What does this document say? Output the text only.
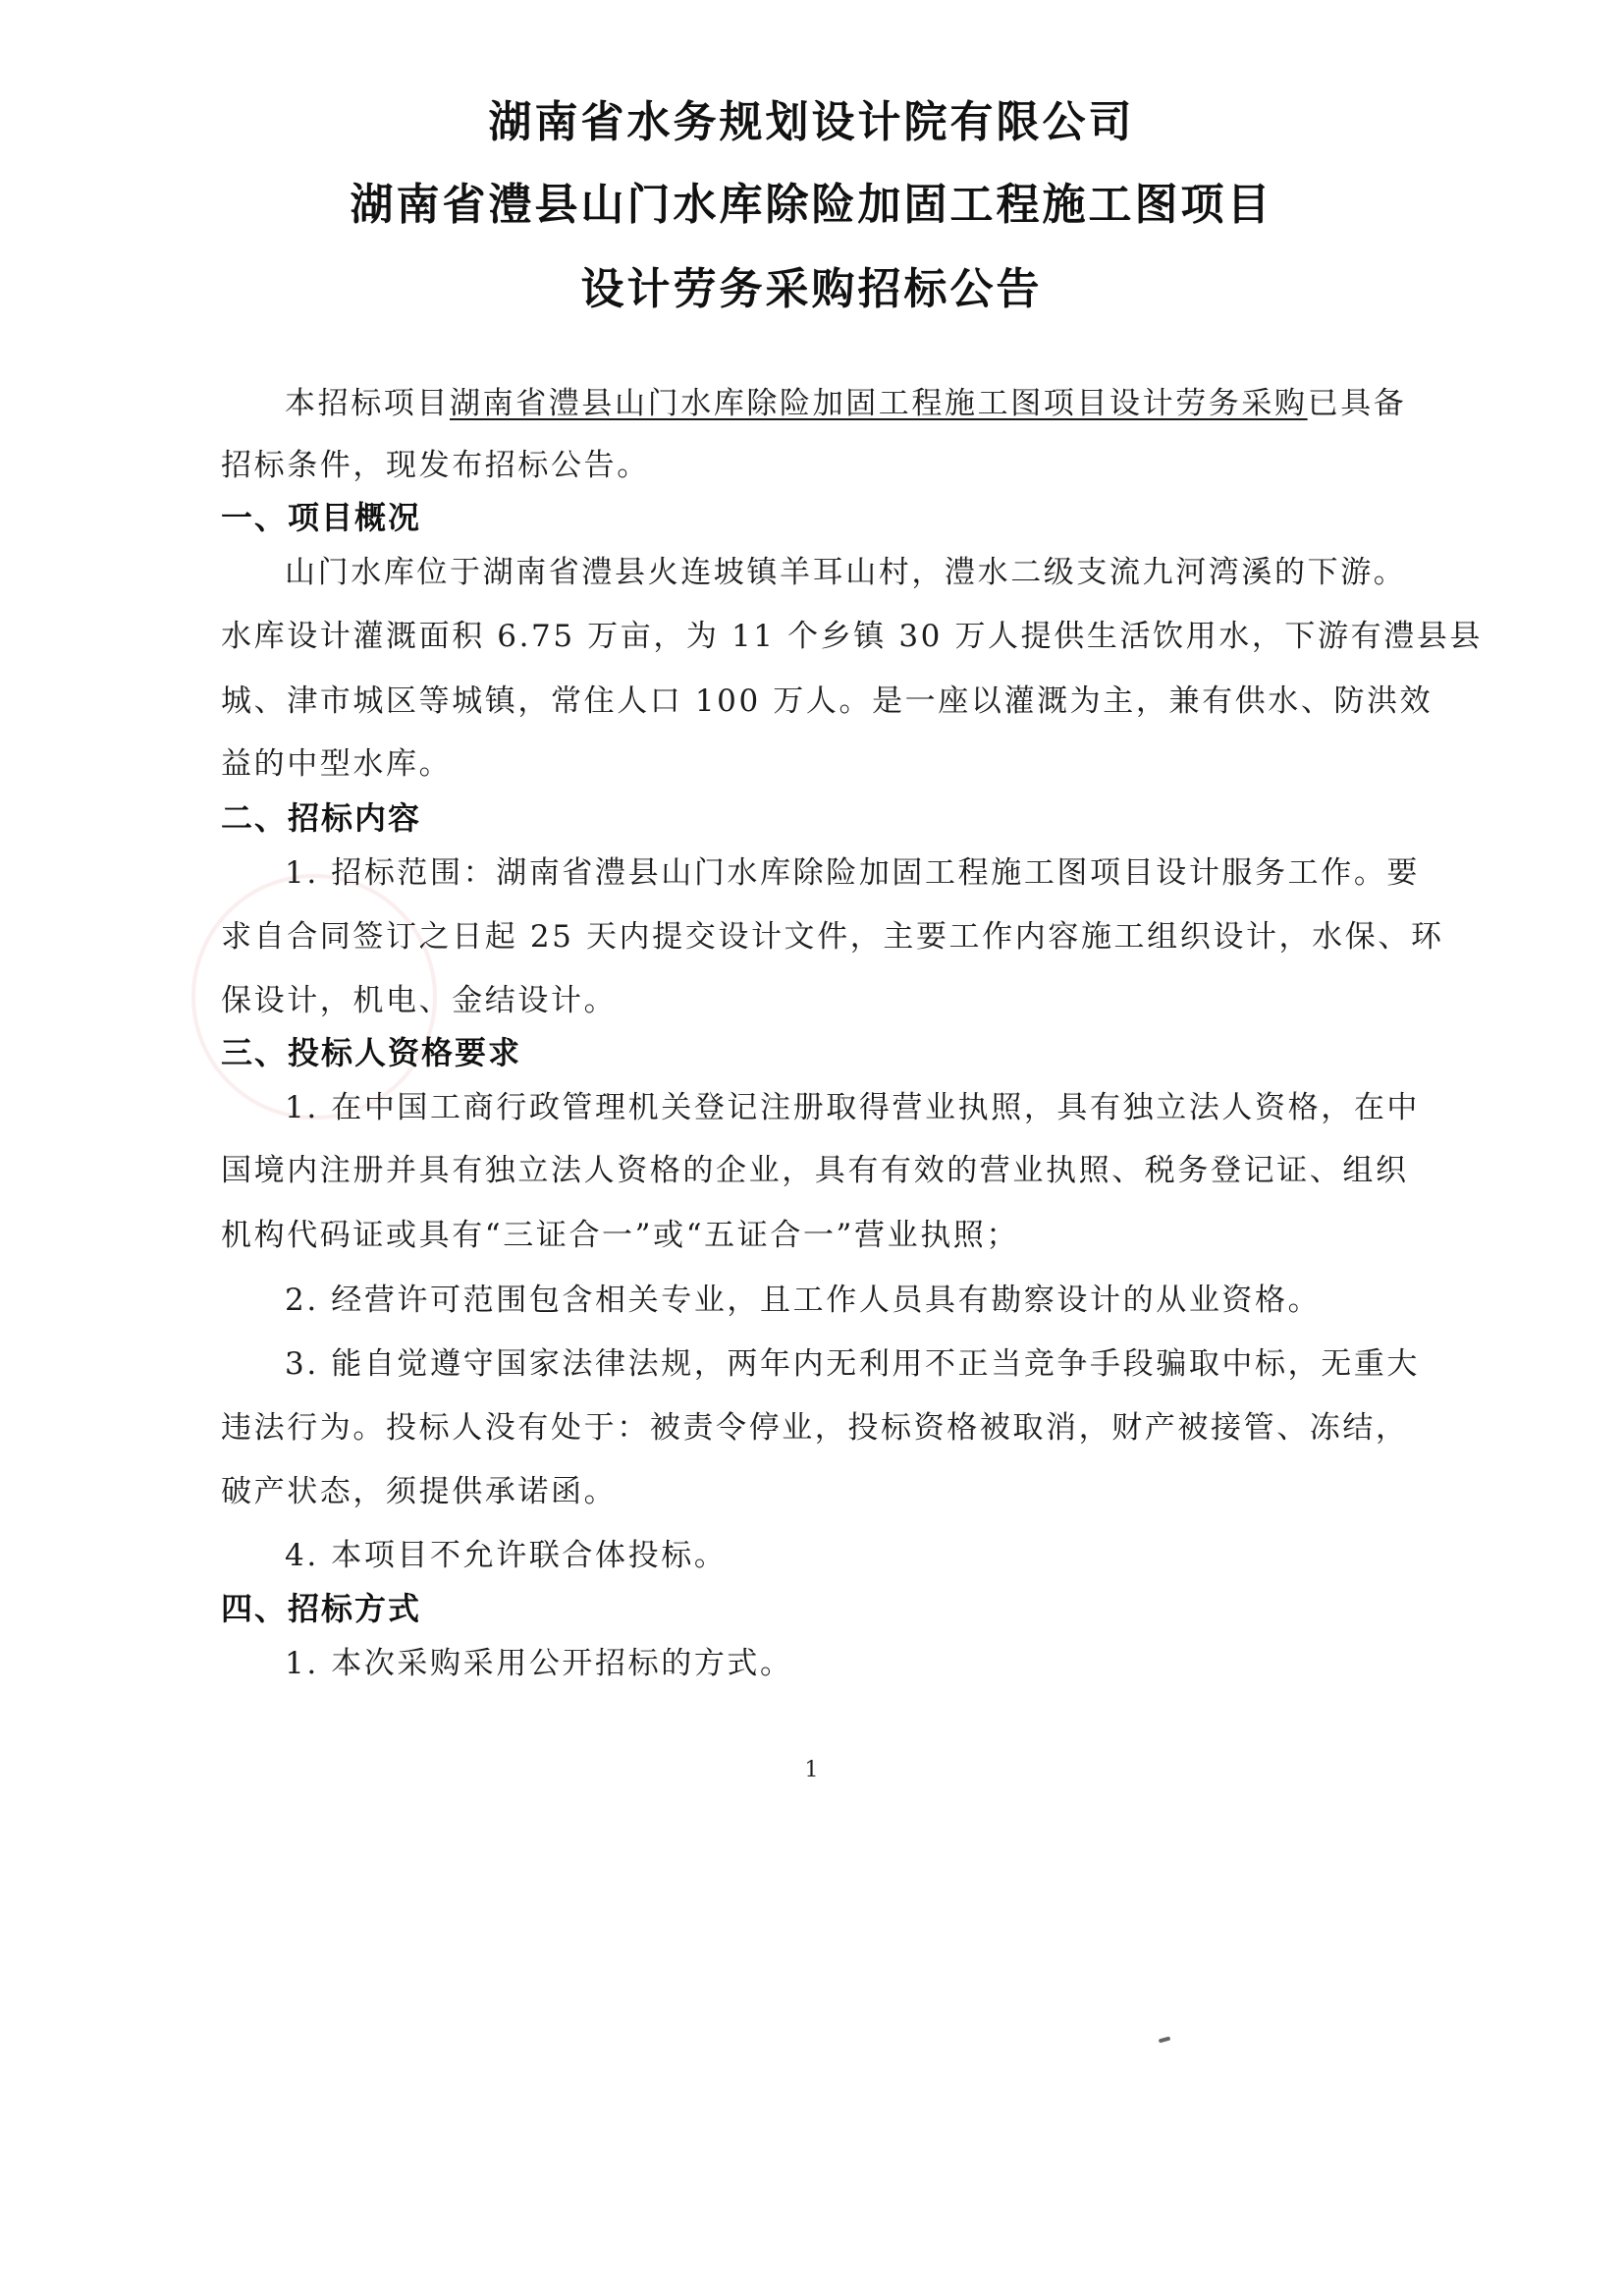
湖南省水务规划设计院有限公司
湖南省澧县山门水库除险加固工程施工图项目
设计劳务采购招标公告
本招标项目湖南省澧县山门水库除险加固工程施工图项目设计劳务采购已具备
招标条件，现发布招标公告。
一、项目概况
山门水库位于湖南省澧县火连坡镇羊耳山村，澧水二级支流九河湾溪的下游。
水库设计灌溉面积 6.75 万亩，为 11 个乡镇 30 万人提供生活饮用水，下游有澧县县
城、津市城区等城镇，常住人口 100 万人。是一座以灌溉为主，兼有供水、防洪效
益的中型水库。
二、招标内容
1. 招标范围：湖南省澧县山门水库除险加固工程施工图项目设计服务工作。要
求自合同签订之日起 25 天内提交设计文件，主要工作内容施工组织设计，水保、环
保设计，机电、金结设计。
三、投标人资格要求
1. 在中国工商行政管理机关登记注册取得营业执照，具有独立法人资格，在中
国境内注册并具有独立法人资格的企业，具有有效的营业执照、税务登记证、组织
机构代码证或具有“三证合一”或“五证合一”营业执照；
2. 经营许可范围包含相关专业，且工作人员具有勘察设计的从业资格。
3. 能自觉遵守国家法律法规，两年内无利用不正当竞争手段骗取中标，无重大
违法行为。投标人没有处于：被责令停业，投标资格被取消，财产被接管、冻结，
破产状态，须提供承诺函。
4. 本项目不允许联合体投标。
四、招标方式
1. 本次采购采用公开招标的方式。
1
